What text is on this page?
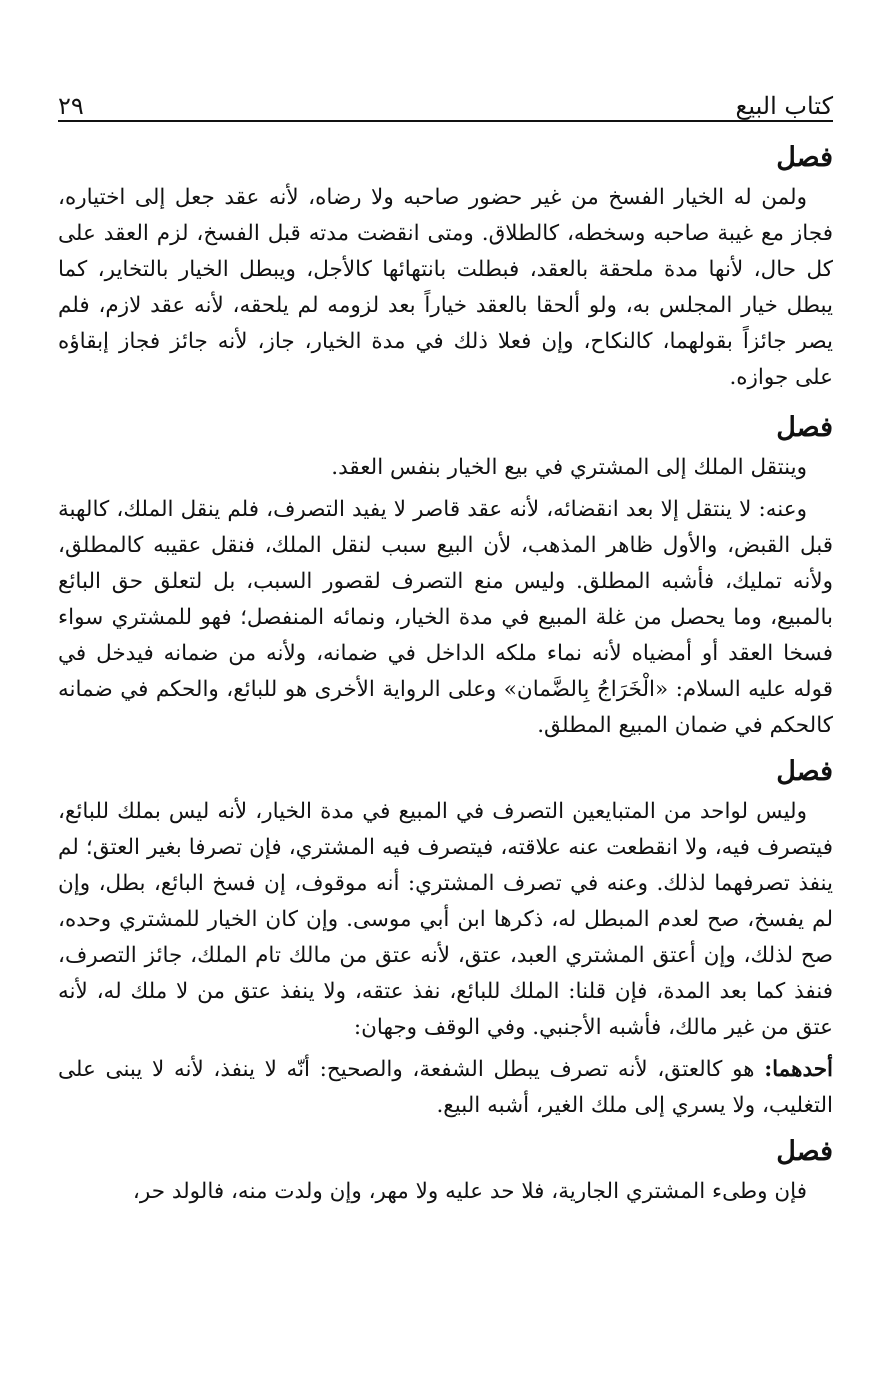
كتاب البيع
٢٩
فصل

ولمن له الخيار الفسخ من غير حضور صاحبه ولا رضاه، لأنه عقد جعل إلى اختياره، فجاز مع غيبة صاحبه وسخطه، كالطلاق. ومتى انقضت مدته قبل الفسخ، لزم العقد على كل حال، لأنها مدة ملحقة بالعقد، فبطلت بانتهائها كالأجل، ويبطل الخيار بالتخاير، كما يبطل خيار المجلس به، ولو ألحقا بالعقد خياراً بعد لزومه لم يلحقه، لأنه عقد لازم، فلم يصر جائزاً بقولهما، كالنكاح، وإن فعلا ذلك في مدة الخيار، جاز، لأنه جائز فجاز إبقاؤه على جوازه.

فصل

وينتقل الملك إلى المشتري في بيع الخيار بنفس العقد.

وعنه: لا ينتقل إلا بعد انقضائه، لأنه عقد قاصر لا يفيد التصرف، فلم ينقل الملك، كالهبة قبل القبض، والأول ظاهر المذهب، لأن البيع سبب لنقل الملك، فنقل عقيبه كالمطلق، ولأنه تمليك، فأشبه المطلق. وليس منع التصرف لقصور السبب، بل لتعلق حق البائع بالمبيع، وما يحصل من غلة المبيع في مدة الخيار، ونمائه المنفصل؛ فهو للمشتري سواء فسخا العقد أو أمضياه لأنه نماء ملكه الداخل في ضمانه، ولأنه من ضمانه فيدخل في قوله عليه السلام: «الْخَرَاجُ بِالضَّمان» وعلى الرواية الأخرى هو للبائع، والحكم في ضمانه كالحكم في ضمان المبيع المطلق.

فصل

وليس لواحد من المتبايعين التصرف في المبيع في مدة الخيار، لأنه ليس بملك للبائع، فيتصرف فيه، ولا انقطعت عنه علاقته، فيتصرف فيه المشتري، فإن تصرفا بغير العتق؛ لم ينفذ تصرفهما لذلك. وعنه في تصرف المشتري: أنه موقوف، إن فسخ البائع، بطل، وإن لم يفسخ، صح لعدم المبطل له، ذكرها ابن أبي موسى. وإن كان الخيار للمشتري وحده، صح لذلك، وإن أعتق المشتري العبد، عتق، لأنه عتق من مالك تام الملك، جائز التصرف، فنفذ كما بعد المدة، فإن قلنا: الملك للبائع، نفذ عتقه، ولا ينفذ عتق من لا ملك له، لأنه عتق من غير مالك، فأشبه الأجنبي. وفي الوقف وجهان:

أحدهما: هو كالعتق، لأنه تصرف يبطل الشفعة، والصحيح: أنّه لا ينفذ، لأنه لا يبنى على التغليب، ولا يسري إلى ملك الغير، أشبه البيع.

فصل

فإن وطىء المشتري الجارية، فلا حد عليه ولا مهر، وإن ولدت منه، فالولد حر،
